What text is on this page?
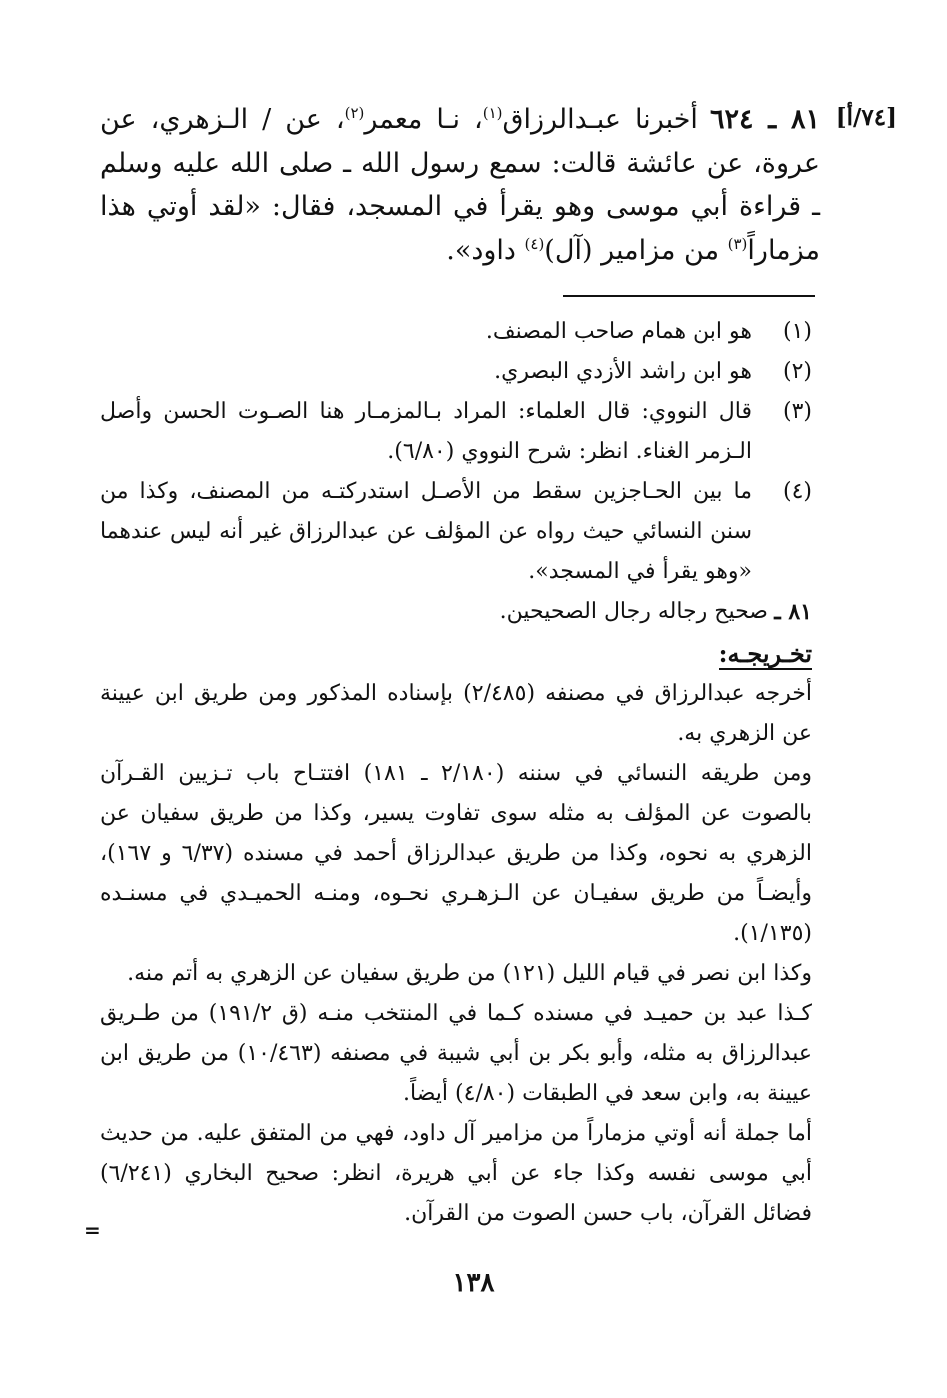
[٧٤/أ]
٨١ ـ ٦٢٤أخبرنا عبـدالرزاق$^{(١)}$، نـا معمر$^{(٢)}$، عن / الـزهري، عن عروة، عن عائشة قالت: سمع رسول الله ـ صلى الله عليه وسلم ـ قراءة أبي موسى وهو يقرأ في المسجد، فقال: «لقد أوتي هذا مزماراً$^{(٣)}$ من مزامير (آل)$^{(٤)}$ داود».
(١)
هو ابن همام صاحب المصنف.
(٢)
هو ابن راشد الأزدي البصري.
(٣)
قال النووي: قال العلماء: المراد بـالمزمـار هنا الصـوت الحسن وأصل الـزمر الغناء. انظر: شرح النووي (٦/٨٠).
(٤)
ما بين الحـاجزين سقط من الأصـل استدركتـه من المصنف، وكذا من سنن النسائي حيث رواه عن المؤلف عن عبدالرزاق غير أنه ليس عندهما «وهو يقرأ في المسجد».
٨١ ـ
صحيح رجاله رجال الصحيحين.
تخـريجـه:

أخرجه عبدالرزاق في مصنفه (٢/٤٨٥) بإسناده المذكور ومن طريق ابن عيينة عن الزهري به.

ومن طريقه النسائي في سننه (٢/١٨٠ ـ ١٨١) افتتـاح باب تـزيين القـرآن بالصوت عن المؤلف به مثله سوى تفاوت يسير، وكذا من طريق سفيان عن الزهري به نحوه، وكذا من طريق عبدالرزاق أحمد في مسنده (٦/٣٧ و ١٦٧)، وأيضـاً من طريق سفيـان عن الـزهـري نحـوه، ومنـه الحميـدي في مسنـده (١/١٣٥).

وكذا ابن نصر في قيام الليل (١٢١) من طريق سفيان عن الزهري به أتم منه.

كـذا عبد بن حميـد في مسنده كـما في المنتخب منـه (ق ١٩١/٢) من طـريق عبدالرزاق به مثله، وأبو بكر بن أبي شيبة في مصنفه (١٠/٤٦٣) من طريق ابن عيينة به، وابن سعد في الطبقات (٤/٨٠) أيضاً.

أما جملة أنه أوتي مزماراً من مزامير آل داود، فهي من المتفق عليه. من حديث أبي موسى نفسه وكذا جاء عن أبي هريرة، انظر: صحيح البخاري (٦/٢٤١) فضائل القرآن، باب حسن الصوت من القرآن.

=
١٣٨
